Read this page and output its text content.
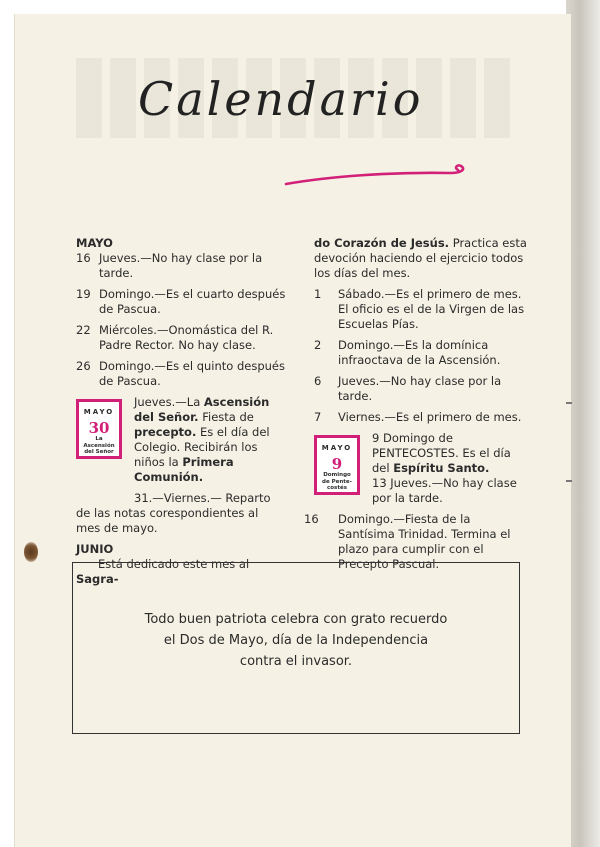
Calendario

MAYO

16 Jueves.—No hay clase por la tarde.
19 Domingo.—Es el cuarto después de Pascua.
22 Miércoles.—Onomástica del R. Padre Rector. No hay clase.
26 Domingo.—Es el quinto después de Pascua.
MAYO
30
La
Ascensión
del Señor
Jueves.—La Ascensión del Señor. Fiesta de precepto. Es el día del Colegio. Recibirán los niños la Primera Comunión.
31.—Viernes.— Reparto de las notas corespondientes al mes de mayo.

JUNIO

Está dedicado este mes al Sagra-

do Corazón de Jesús. Practica esta devoción haciendo el ejercicio todos los días del mes.

1	Sábado.—Es el primero de mes. El oficio es el de la Virgen de las Escuelas Pías.
2	Domingo.—Es la domínica infraoctava de la Ascensión.
6	Jueves.—No hay clase por la tarde.
7	Viernes.—Es el primero de mes.
MAYO
9
Domingo
de Pente-
costés
9 Domingo de PENTECOSTES. Es el día del Espíritu Santo.
13 Jueves.—No hay clase por la tarde.
16	Domingo.—Fiesta de la Santísima Trinidad. Termina el plazo para cumplir con el Precepto Pascual.
Todo buen patriota celebra con grato recuerdo el Dos de Mayo, día de la Independencia contra el invasor.
